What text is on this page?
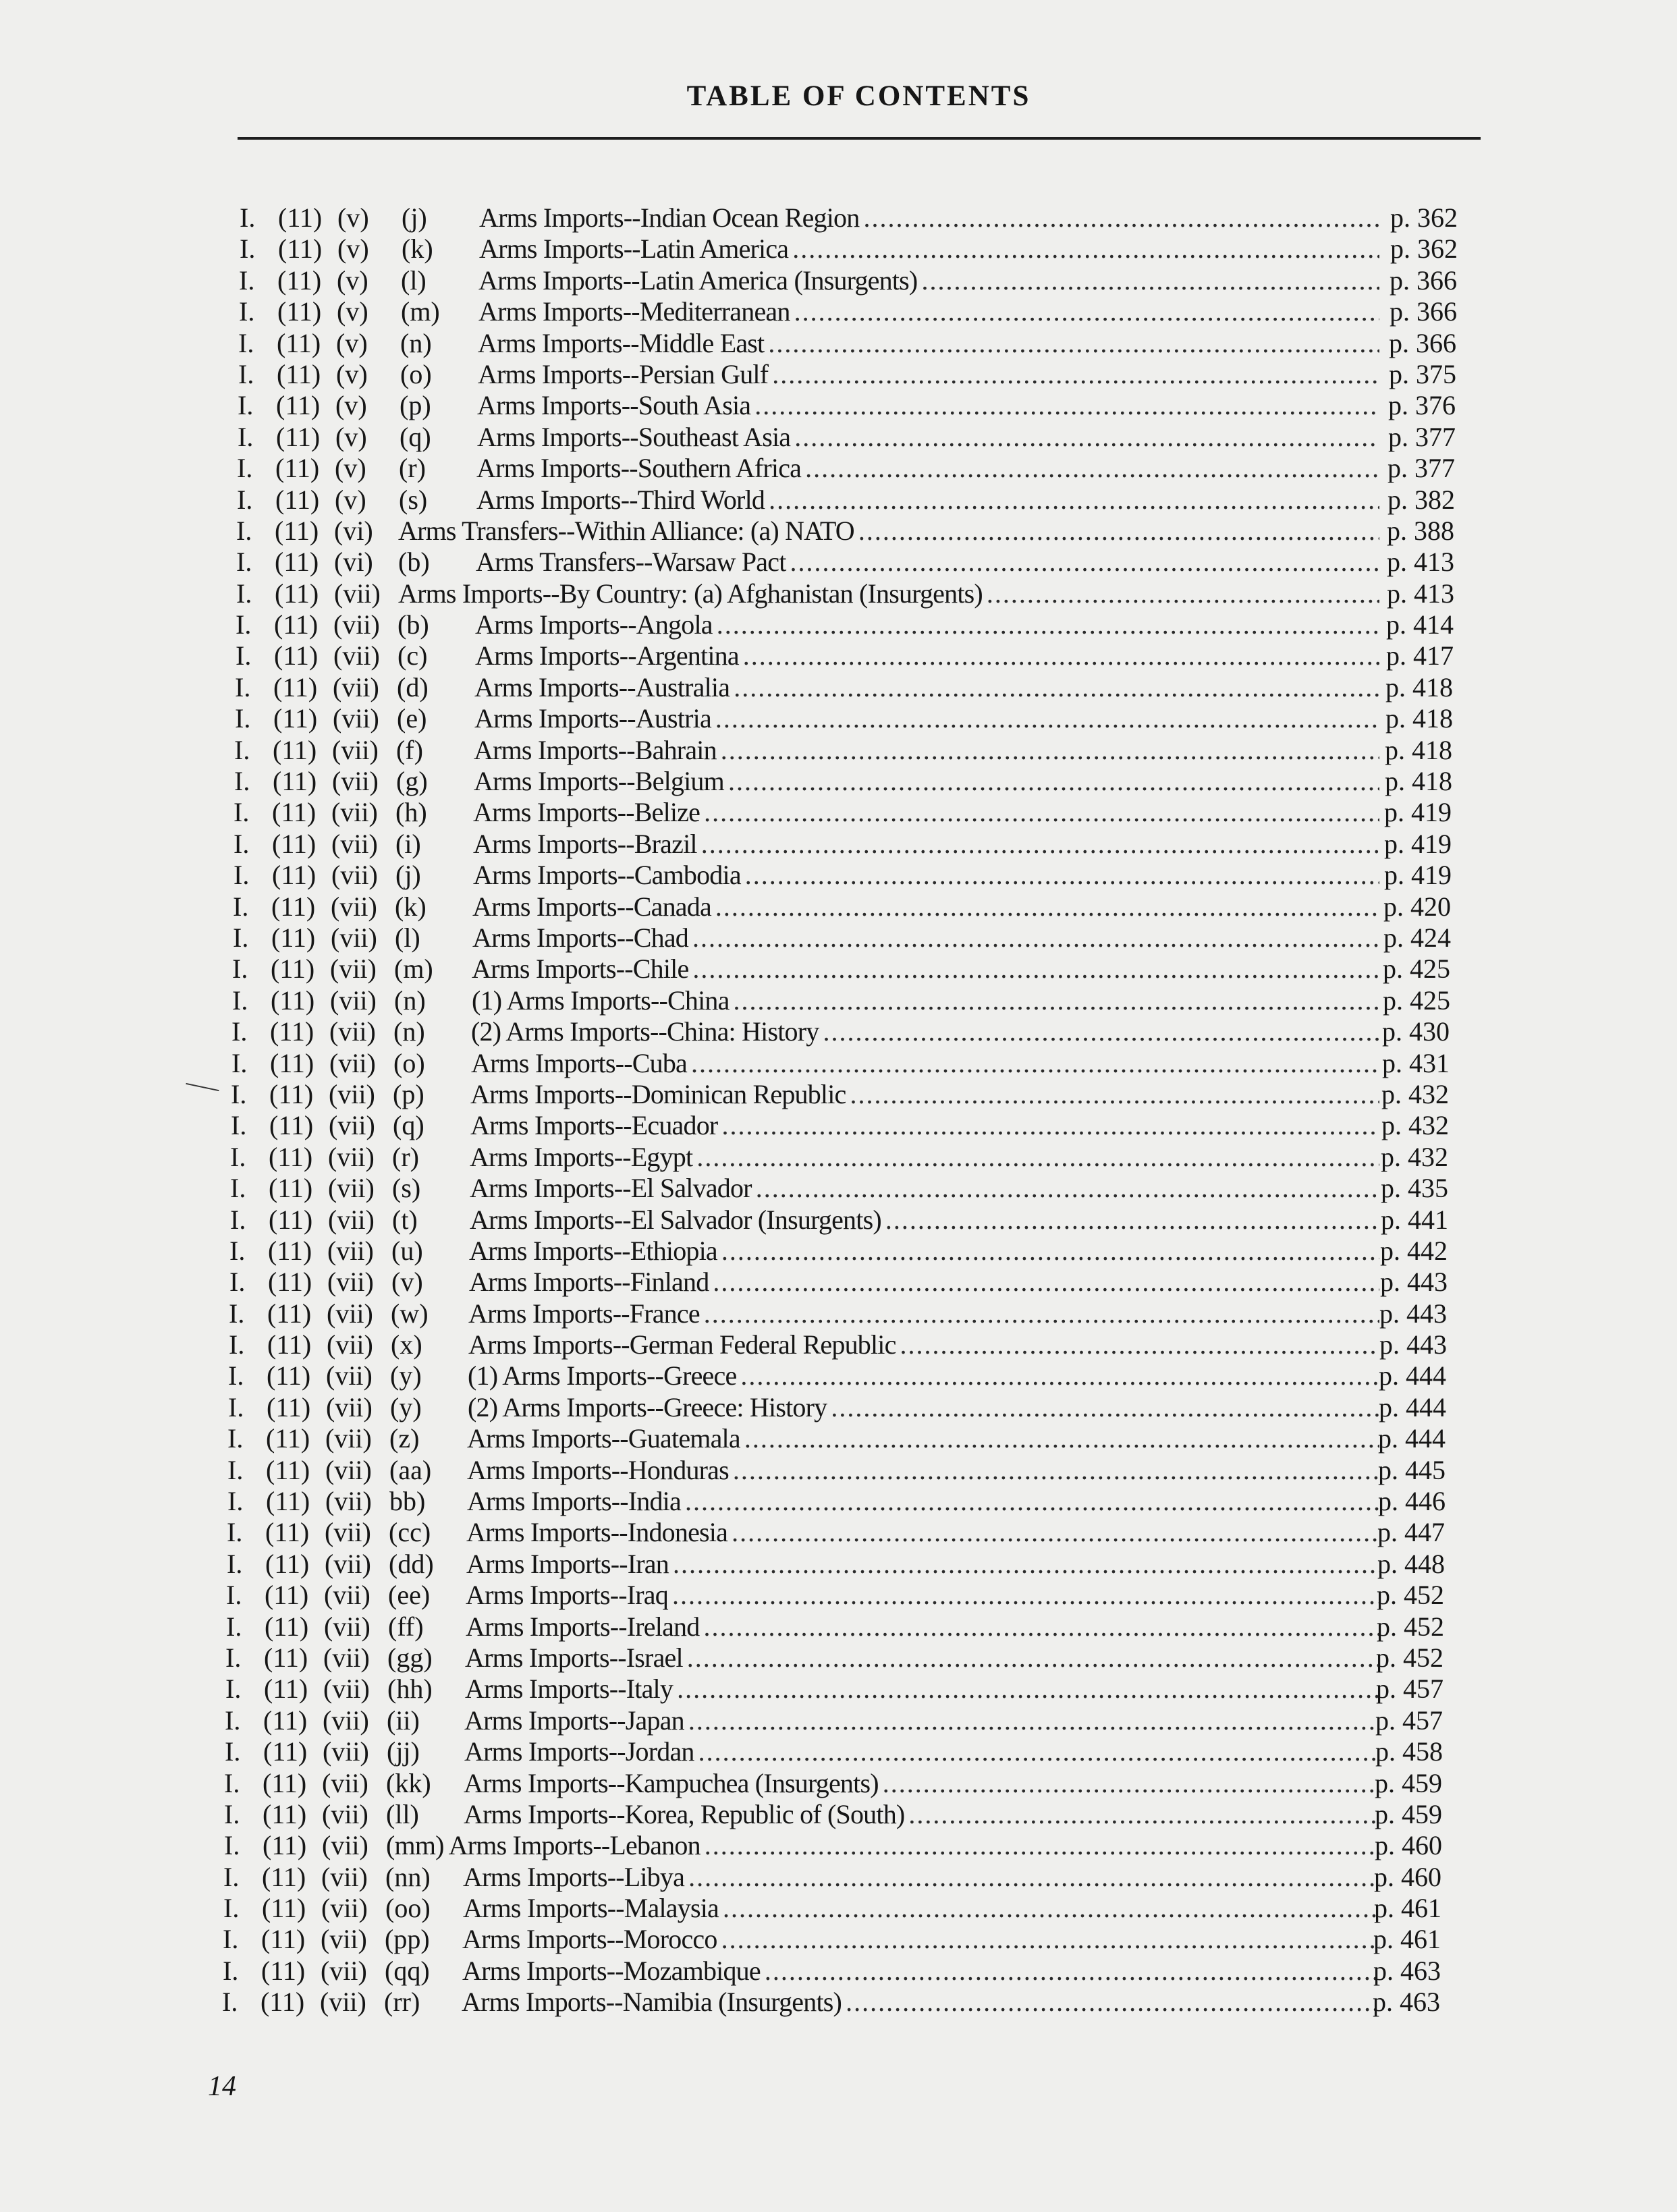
TABLE OF CONTENTS
I. (11) (v)	(j)	Arms Imports--Indian Ocean Region .....	p. 362
I. (11) (v)	(k)	Arms Imports--Latin America .....	p. 362
I. (11) (v)	(l)	Arms Imports--Latin America (Insurgents) .....	p. 366
I. (11) (v)	(m)	Arms Imports--Mediterranean .....	p. 366
I. (11) (v)	(n)	Arms Imports--Middle East .....	p. 366
I. (11) (v)	(o)	Arms Imports--Persian Gulf .....	p. 375
I. (11) (v)	(p)	Arms Imports--South Asia .....	p. 376
I. (11) (v)	(q)	Arms Imports--Southeast Asia .....	p. 377
I. (11) (v)	(r)	Arms Imports--Southern Africa .....	p. 377
I. (11) (v)	(s)	Arms Imports--Third World .....	p. 382
I. (11) (vi) Arms Transfers--Within Alliance: (a) NATO .....	p. 388
I. (11) (vi) (b)	Arms Transfers--Warsaw Pact .....	p. 413
I. (11) (vii) Arms Imports--By Country: (a) Afghanistan (Insurgents) .....	p. 413
I. (11) (vii) (b)	Arms Imports--Angola .....	p. 414
I. (11) (vii) (c)	Arms Imports--Argentina .....	p. 417
I. (11) (vii) (d)	Arms Imports--Australia .....	p. 418
I. (11) (vii) (e)	Arms Imports--Austria .....	p. 418
I. (11) (vii) (f)	Arms Imports--Bahrain .....	p. 418
I. (11) (vii) (g)	Arms Imports--Belgium .....	p. 418
I. (11) (vii) (h)	Arms Imports--Belize .....	p. 419
I. (11) (vii) (i)	Arms Imports--Brazil .....	p. 419
I. (11) (vii) (j)	Arms Imports--Cambodia .....	p. 419
I. (11) (vii) (k)	Arms Imports--Canada .....	p. 420
I. (11) (vii) (l)	Arms Imports--Chad .....	p. 424
I. (11) (vii) (m)	Arms Imports--Chile .....	p. 425
I. (11) (vii) (n)	(1) Arms Imports--China .....	p. 425
I. (11) (vii) (n)	(2) Arms Imports--China: History .....	p. 430
I. (11) (vii) (o)	Arms Imports--Cuba .....	p. 431
I. (11) (vii) (p)	Arms Imports--Dominican Republic .....	p. 432
I. (11) (vii) (q)	Arms Imports--Ecuador .....	p. 432
I. (11) (vii) (r)	Arms Imports--Egypt .....	p. 432
I. (11) (vii) (s)	Arms Imports--El Salvador .....	p. 435
I. (11) (vii) (t)	Arms Imports--El Salvador (Insurgents) .....	p. 441
I. (11) (vii) (u)	Arms Imports--Ethiopia .....	p. 442
I. (11) (vii) (v)	Arms Imports--Finland .....	p. 443
I. (11) (vii) (w)	Arms Imports--France .....	p. 443
I. (11) (vii) (x)	Arms Imports--German Federal Republic .....	p. 443
I. (11) (vii) (y)	(1) Arms Imports--Greece .....	p. 444
I. (11) (vii) (y)	(2) Arms Imports--Greece: History .....	p. 444
I. (11) (vii) (z)	Arms Imports--Guatemala .....	p. 444
I. (11) (vii) (aa)	Arms Imports--Honduras .....	p. 445
I. (11) (vii) bb)	Arms Imports--India .....	p. 446
I. (11) (vii) (cc)	Arms Imports--Indonesia .....	p. 447
I. (11) (vii) (dd)	Arms Imports--Iran .....	p. 448
I. (11) (vii) (ee)	Arms Imports--Iraq .....	p. 452
I. (11) (vii) (ff)	Arms Imports--Ireland .....	p. 452
I. (11) (vii) (gg)	Arms Imports--Israel .....	p. 452
I. (11) (vii) (hh)	Arms Imports--Italy .....	p. 457
I. (11) (vii) (ii)	Arms Imports--Japan .....	p. 457
I. (11) (vii) (jj)	Arms Imports--Jordan .....	p. 458
I. (11) (vii) (kk)	Arms Imports--Kampuchea (Insurgents) .....	p. 459
I. (11) (vii) (ll)	Arms Imports--Korea, Republic of (South) .....	p. 459
I. (11) (vii) (mm) Arms Imports--Lebanon .....	p. 460
I. (11) (vii) (nn)	Arms Imports--Libya .....	p. 460
I. (11) (vii) (oo)	Arms Imports--Malaysia .....	p. 461
I. (11) (vii) (pp)	Arms Imports--Morocco .....	p. 461
I. (11) (vii) (qq)	Arms Imports--Mozambique .....	p. 463
I. (11) (vii) (rr)	Arms Imports--Namibia (Insurgents) .....	p. 463
14
